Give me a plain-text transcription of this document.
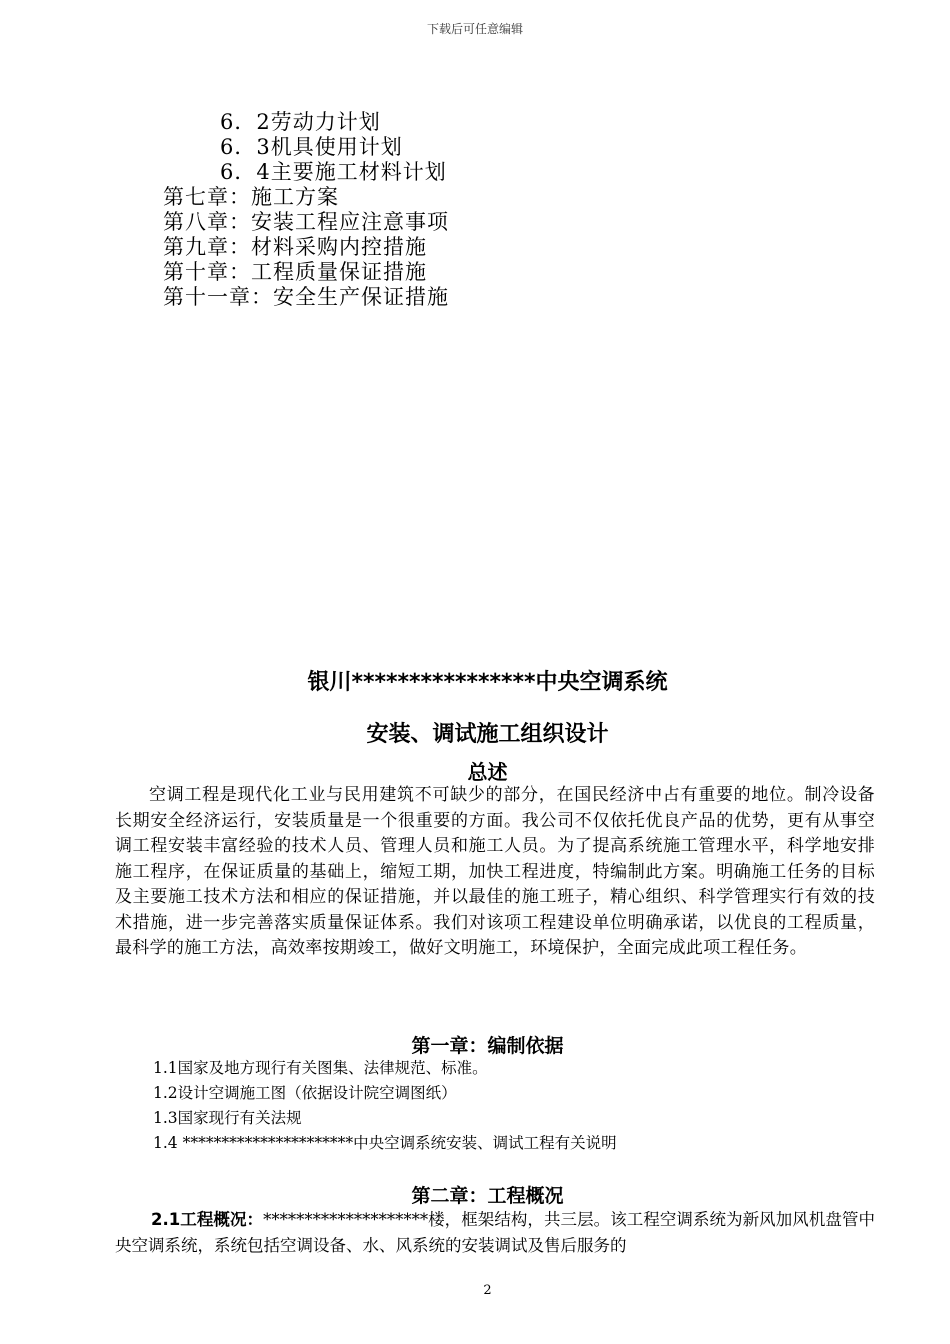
下载后可任意编辑
6．2劳动力计划
6．3机具使用计划
6．4主要施工材料计划
第七章：施工方案
第八章：安装工程应注意事项
第九章：材料采购内控措施
第十章：工程质量保证措施
第十一章：安全生产保证措施
银川****************中央空调系统
安装、调试施工组织设计
总述
空调工程是现代化工业与民用建筑不可缺少的部分，在国民经济中占有重要的地位。制冷设备长期安全经济运行，安装质量是一个很重要的方面。我公司不仅依托优良产品的优势，更有从事空调工程安装丰富经验的技术人员、管理人员和施工人员。为了提高系统施工管理水平，科学地安排施工程序，在保证质量的基础上，缩短工期，加快工程进度，特编制此方案。明确施工任务的目标及主要施工技术方法和相应的保证措施，并以最佳的施工班子，精心组织、科学管理实行有效的技术措施，进一步完善落实质量保证体系。我们对该项工程建设单位明确承诺，以优良的工程质量，最科学的施工方法，高效率按期竣工，做好文明施工，环境保护，全面完成此项工程任务。
第一章：编制依据
1.1国家及地方现行有关图集、法律规范、标准。
1.2设计空调施工图（依据设计院空调图纸）
1.3国家现行有关法规
1.4 **********************中央空调系统安装、调试工程有关说明
第二章：工程概况
2.1工程概况：********************楼，框架结构，共三层。该工程空调系统为新风加风机盘管中央空调系统，系统包括空调设备、水、风系统的安装调试及售后服务的
2
